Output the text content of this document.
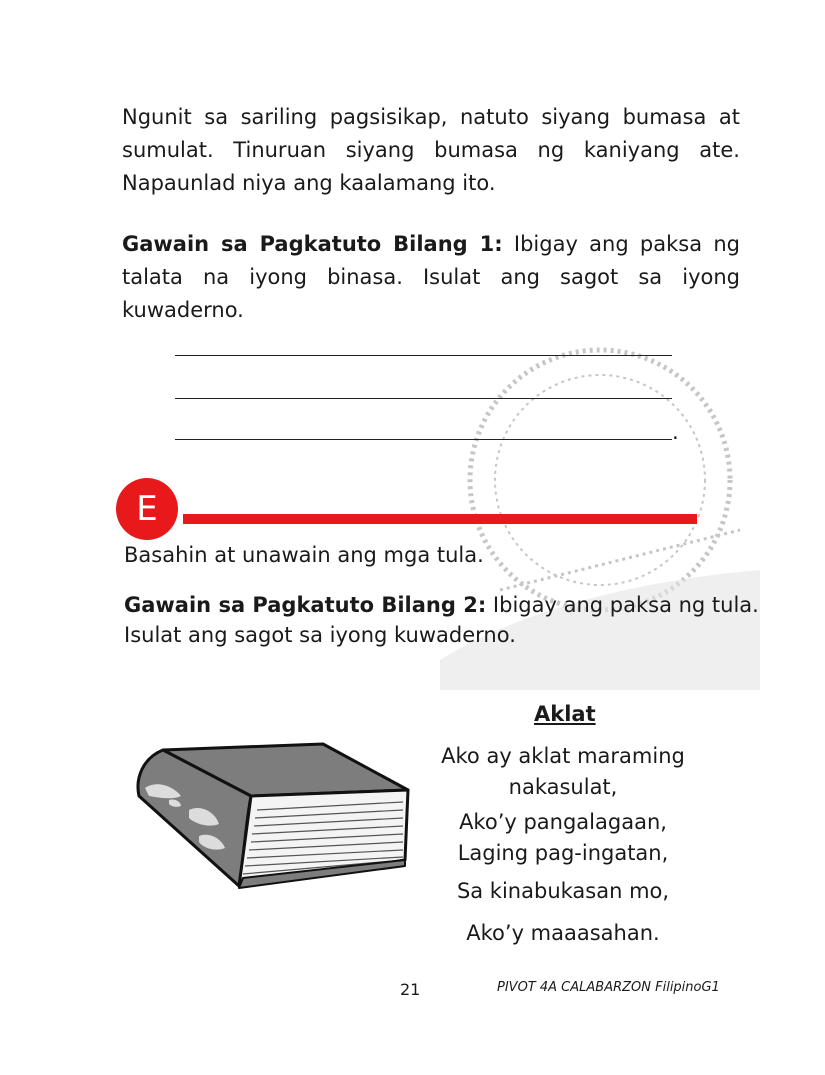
Ngunit sa sariling pagsisikap, natuto siyang bumasa at sumulat. Tinuruan siyang bumasa ng kaniyang ate. Napaunlad niya ang kaalamang ito.

Gawain sa Pagkatuto Bilang 1: Ibigay ang paksa ng talata na iyong binasa. Isulat ang sagot sa iyong kuwaderno.

.
E
Basahin at unawain ang mga tula.
Gawain sa Pagkatuto Bilang 2: Ibigay ang paksa ng tula.
Isulat ang sagot sa iyong kuwaderno.
Aklat
Ako ay aklat maraming
nakasulat,
Ako’y pangalagaan,
Laging pag-ingatan,
Sa kinabukasan mo,
Ako’y maaasahan.
21	PIVOT 4A CALABARZON FilipinoG1
